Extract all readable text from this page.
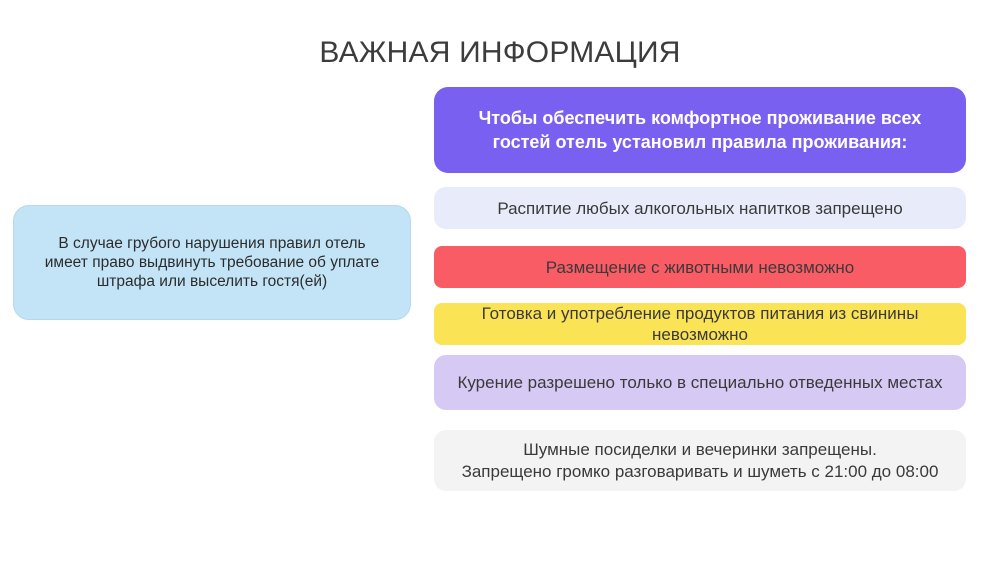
ВАЖНАЯ ИНФОРМАЦИЯ
В случае грубого нарушения правил отель имеет право выдвинуть требование об уплате штрафа или выселить гостя(ей)
Чтобы обеспечить комфортное проживание всех
гостей отель установил правила проживания:
Распитие любых алкогольных напитков запрещено
Размещение с животными невозможно
Готовка и употребление продуктов питания из свинины невозможно
Курение разрешено только в специально отведенных местах
Шумные посиделки и вечеринки запрещены.
Запрещено громко разговаривать и шуметь с 21:00 до 08:00
